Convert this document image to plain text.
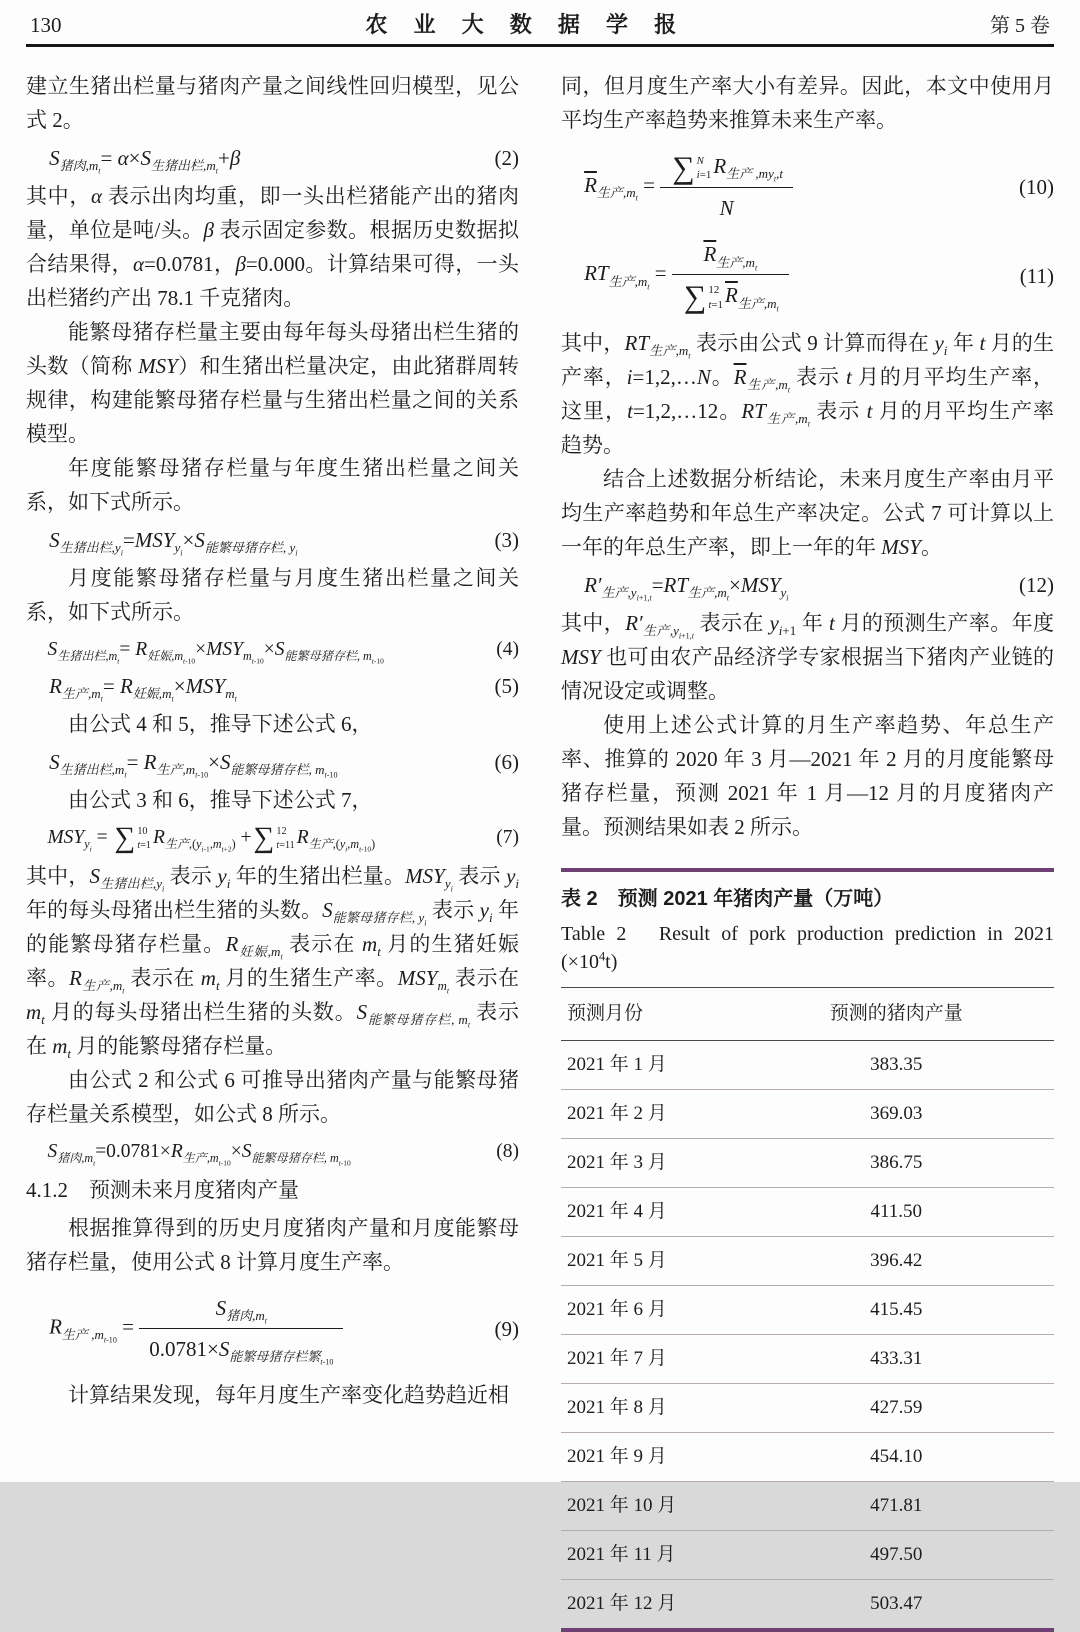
130	农 业 大 数 据 学 报	第 5 卷

建立生猪出栏量与猪肉产量之间线性回归模型，见公式 2。

$S_{猪肉,m_t}= \alpha\times S_{生猪出栏,m_t}+\beta$	(2)

其中，α 表示出肉均重，即一头出栏猪能产出的猪肉量，单位是吨/头。β 表示固定参数。根据历史数据拟合结果得，α=0.0781，β=0.000。计算结果可得，一头出栏猪约产出 78.1 千克猪肉。

能繁母猪存栏量主要由每年每头母猪出栏生猪的头数（简称 MSY）和生猪出栏量决定，由此猪群周转规律，构建能繁母猪存栏量与生猪出栏量之间的关系模型。

年度能繁母猪存栏量与年度生猪出栏量之间关系，如下式所示。

$S_{生猪出栏,y_i}=MSY_{y_i}\times S_{能繁母猪存栏, y_i}$
(3)

月度能繁母猪存栏量与月度生猪出栏量之间关系，如下式所示。

$S_{生猪出栏,m_t}= R_{妊娠,m_{t-10}}\times MSY_{m_{t-10}}\times S_{能繁母猪存栏, m_{t-10}}$
(4)
$R_{生产,m_t}= R_{妊娠,m_t}\times MSY_{m_t}$
(5)

由公式 4 和 5，推导下述公式 6，

$S_{生猪出栏,m_t}= R_{生产,m_{t-10}}\times S_{能繁母猪存栏, m_{t-10}}$
(6)

由公式 3 和 6，推导下述公式 7，

$MSY_{y_i}$ = ∑ 10
t=1 $R_{生产,(y_{i-1},m_{t+2})}$ + ∑ 12
t=11 $R_{生产,(y_i,m_{t-10})}$	(7)

其中，$S_{生猪出栏,y_i}$ 表示 $y_i$ 年的生猪出栏量。$MSY_{y_i}$ 表示 $y_i$ 年的每头母猪出栏生猪的头数。$S_{能繁母猪存栏, y_i}$ 表示 $y_i$ 年的能繁母猪存栏量。$R_{妊娠,m_t}$ 表示在 $m_t$ 月的生猪妊娠率。$R_{生产,m_t}$ 表示在 $m_t$ 月的生猪生产率。$MSY_{m_t}$ 表示在 $m_t$ 月的每头母猪出栏生猪的头数。$S_{能繁母猪存栏, m_t}$ 表示在 $m_t$ 月的能繁母猪存栏量。

由公式 2 和公式 6 可推导出猪肉产量与能繁母猪存栏量关系模型，如公式 8 所示。

$S_{猪肉,m_t}=0.0781\times R_{生产,m_{t-10}}\times S_{能繁母猪存栏, m_{t-10}}$
(8)

4.1.2　预测未来月度猪肉产量

根据推算得到的历史月度猪肉产量和月度能繁母猪存栏量，使用公式 8 计算月度生产率。

$R_{生产 ,m_{t-10}} = \frac{S_{猪肉,m_t}}{0.0781\times S_{能繁母猪存栏繁_{t-10}}}$	(9)

计算结果发现，每年月度生产率变化趋势趋近相

同，但月度生产率大小有差异。因此，本文中使用月平均生产率趋势来推算未来生产率。

$\overline{R}_{生产,m_t}$ = ∑ N
i=1 $R_{生产 ,my_t,t}$
N	(10)
$RT_{生产,m_t} = \overline{R}_{生产,m_t}$
∑ 12
t=1 $\overline{R}_{生产,m_t}$	(11)

其中，$RT_{生产,m_t}$ 表示由公式 9 计算而得在 $y_i$ 年 t 月的生产率，i=1,2,…N。$\overline{R}_{生产,m_t}$ 表示 t 月的月平均生产率，这里，t=1,2,…12。$RT_{生产,m_t}$ 表示 t 月的月平均生产率趋势。

结合上述数据分析结论，未来月度生产率由月平均生产率趋势和年总生产率决定。公式 7 可计算以上一年的年总生产率，即上一年的年 MSY。

$R'_{生产,y_{i+1,t}}=RT_{生产,m_t}\times MSY_{y_i}$
(12)

其中，$R'_{生产,y_{i+1,t}}$ 表示在 $y_{i+1}$ 年 t 月的预测生产率。年度 MSY 也可由农产品经济学专家根据当下猪肉产业链的情况设定或调整。

使用上述公式计算的月生产率趋势、年总生产率、推算的 2020 年 3 月—2021 年 2 月的月度能繁母猪存栏量，预测 2021 年 1 月—12 月的月度猪肉产量。预测结果如表 2 所示。

表 2　预测 2021 年猪肉产量（万吨）
Table 2　Result of pork production prediction in 2021 $(\times 10^4t)$
预测月份	预测的猪肉产量
2021 年 1 月	383.35
2021 年 2 月	369.03
2021 年 3 月	386.75
2021 年 4 月	411.50
2021 年 5 月	396.42
2021 年 6 月	415.45
2021 年 7 月	433.31
2021 年 8 月	427.59
2021 年 9 月	454.10
2021 年 10 月	471.81
2021 年 11 月	497.50
2021 年 12 月	503.47
